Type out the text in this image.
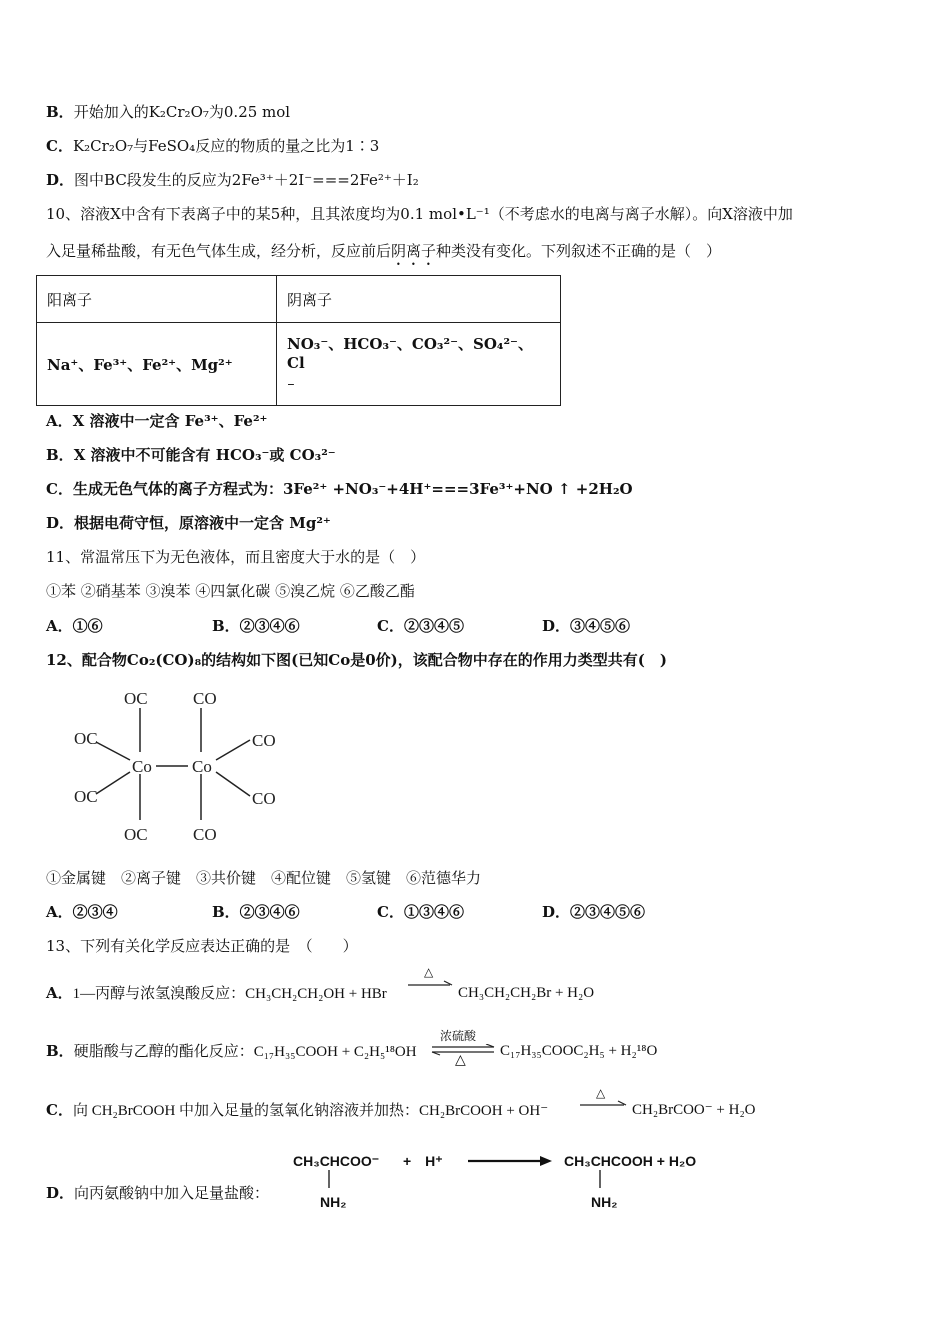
B．开始加入的K₂Cr₂O₇为0.25 mol
C．K₂Cr₂O₇与FeSO₄反应的物质的量之比为1∶3
D．图中BC段发生的反应为2Fe³⁺＋2I⁻===2Fe²⁺＋I₂
10、溶液X中含有下表离子中的某5种，且其浓度均为0.1 mol•L⁻¹（不考虑水的电离与离子水解）。向X溶液中加
入足量稀盐酸，有无色气体生成，经分析，反应前后阴离子种类没有变化。下列叙述不正确的是（　）
阳离子	阴离子
Na⁺、Fe³⁺、Fe²⁺、Mg²⁺	NO₃⁻、HCO₃⁻、CO₃²⁻、SO₄²⁻、Cl
⁻
A．X 溶液中一定含 Fe³⁺、Fe²⁺
B．X 溶液中不可能含有 HCO₃⁻或 CO₃²⁻
C．生成无色气体的离子方程式为：3Fe²⁺ +NO₃⁻+4H⁺===3Fe³⁺+NO ↑ +2H₂O
D．根据电荷守恒，原溶液中一定含 Mg²⁺
11、常温常压下为无色液体，而且密度大于水的是（　）
①苯 ②硝基苯 ③溴苯 ④四氯化碳 ⑤溴乙烷 ⑥乙酸乙酯
A．①⑥	B．②③④⑥	C．②③④⑤	D．③④⑤⑥
12、配合物Co₂(CO)₈的结构如下图(已知Co是0价)，该配合物中存在的作用力类型共有(　)
OC	CO
OC
OC
Co Co
CO
CO
OC	CO
①金属键　②离子键　③共价键　④配位键　⑤氢键　⑥范德华力
A．②③④	B．②③④⑥	C．①③④⑥	D．②③④⑤⑥
13、下列有关化学反应表达正确的是　（　　）
A．1—丙醇与浓氢溴酸反应：CH₃CH₂CH₂OH + HBr
△
→ CH₃CH₂CH₂Br + H₂O
B．硬脂酸与乙醇的酯化反应：C₁₇H₃₅COOH + C₂H₅¹⁸OH
浓硫酸
△
C₁₇H₃₅COOC₂H₅ + H₂¹⁸O
C．向 CH₂BrCOOH 中加入足量的氢氧化钠溶液并加热：CH₂BrCOOH + OH⁻
△
→ CH₂BrCOO⁻ + H₂O
D．向丙氨酸钠中加入足量盐酸：
CH₃CHCOO⁻ +　H⁺	CH₃CHCOOH + H₂O
NH₂	NH₂
